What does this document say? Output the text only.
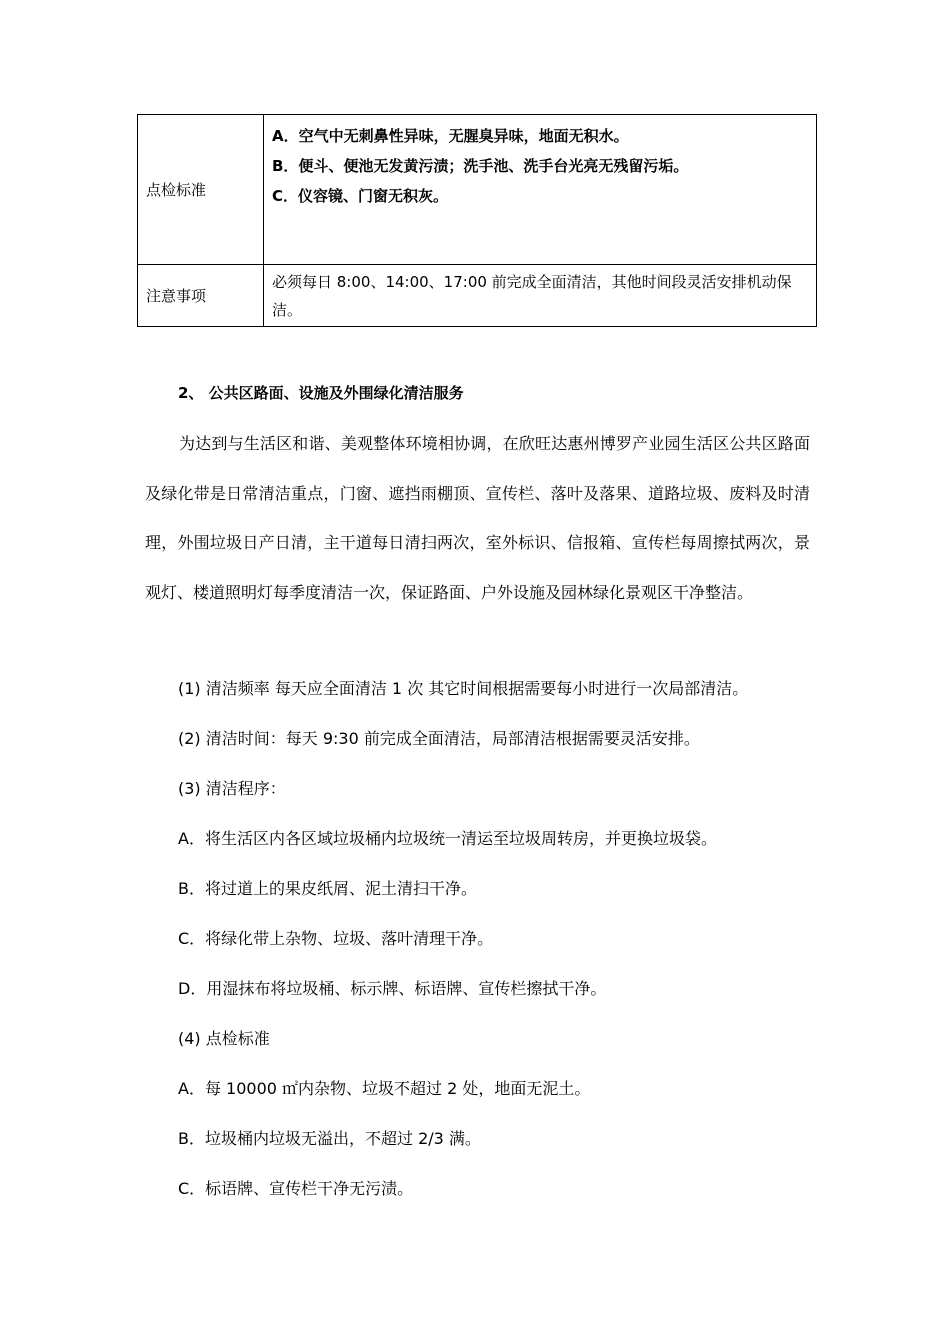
点检标准	A．空气中无刺鼻性异味，无腥臭异味，地面无积水。
B．便斗、便池无发黄污渍；洗手池、洗手台光亮无残留污垢。
C．仪容镜、门窗无积灰。

注意事项	必须每日 8:00、14:00、17:00 前完成全面清洁，其他时间段灵活安排机动保洁。
2、 公共区路面、设施及外围绿化清洁服务
为达到与生活区和谐、美观整体环境相协调，在欣旺达惠州博罗产业园生活区公共区路面及绿化带是日常清洁重点，门窗、遮挡雨棚顶、宣传栏、落叶及落果、道路垃圾、废料及时清理，外围垃圾日产日清，主干道每日清扫两次，室外标识、信报箱、宣传栏每周擦拭两次，景观灯、楼道照明灯每季度清洁一次，保证路面、户外设施及园林绿化景观区干净整洁。
(1) 清洁频率 每天应全面清洁 1 次 其它时间根据需要每小时进行一次局部清洁。
(2) 清洁时间：每天 9:30 前完成全面清洁，局部清洁根据需要灵活安排。
(3) 清洁程序：
A．将生活区内各区域垃圾桶内垃圾统一清运至垃圾周转房，并更换垃圾袋。
B．将过道上的果皮纸屑、泥土清扫干净。
C．将绿化带上杂物、垃圾、落叶清理干净。
D．用湿抹布将垃圾桶、标示牌、标语牌、宣传栏擦拭干净。
(4) 点检标准
A．每 10000 ㎡内杂物、垃圾不超过 2 处，地面无泥土。
B．垃圾桶内垃圾无溢出，不超过 2/3 满。
C．标语牌、宣传栏干净无污渍。
